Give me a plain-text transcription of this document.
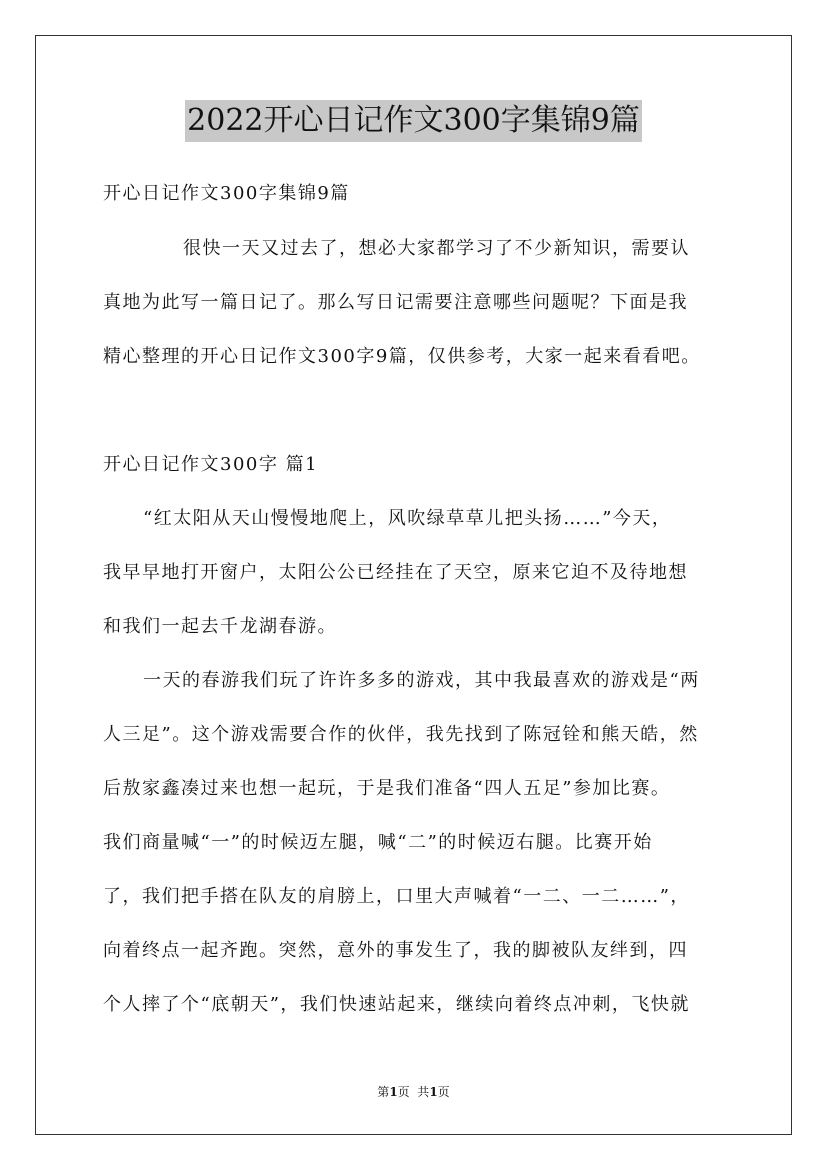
2022开心日记作文300字集锦9篇
开心日记作文300字集锦9篇
很快一天又过去了，想必大家都学习了不少新知识，需要认
真地为此写一篇日记了。那么写日记需要注意哪些问题呢？下面是我
精心整理的开心日记作文300字9篇，仅供参考，大家一起来看看吧。
开心日记作文300字 篇1
“红太阳从天山慢慢地爬上，风吹绿草草儿把头扬……”今天，
我早早地打开窗户，太阳公公已经挂在了天空，原来它迫不及待地想
和我们一起去千龙湖春游。
一天的春游我们玩了许许多多的游戏，其中我最喜欢的游戏是“两
人三足”。这个游戏需要合作的伙伴，我先找到了陈冠铨和熊天皓，然
后敖家鑫凑过来也想一起玩，于是我们准备“四人五足”参加比赛。
我们商量喊“一”的时候迈左腿，喊“二”的时候迈右腿。比赛开始
了，我们把手搭在队友的肩膀上，口里大声喊着“一二、一二……”，
向着终点一起齐跑。突然，意外的事发生了，我的脚被队友绊到，四
个人摔了个“底朝天”，我们快速站起来，继续向着终点冲刺，飞快就
第1页  共1页
